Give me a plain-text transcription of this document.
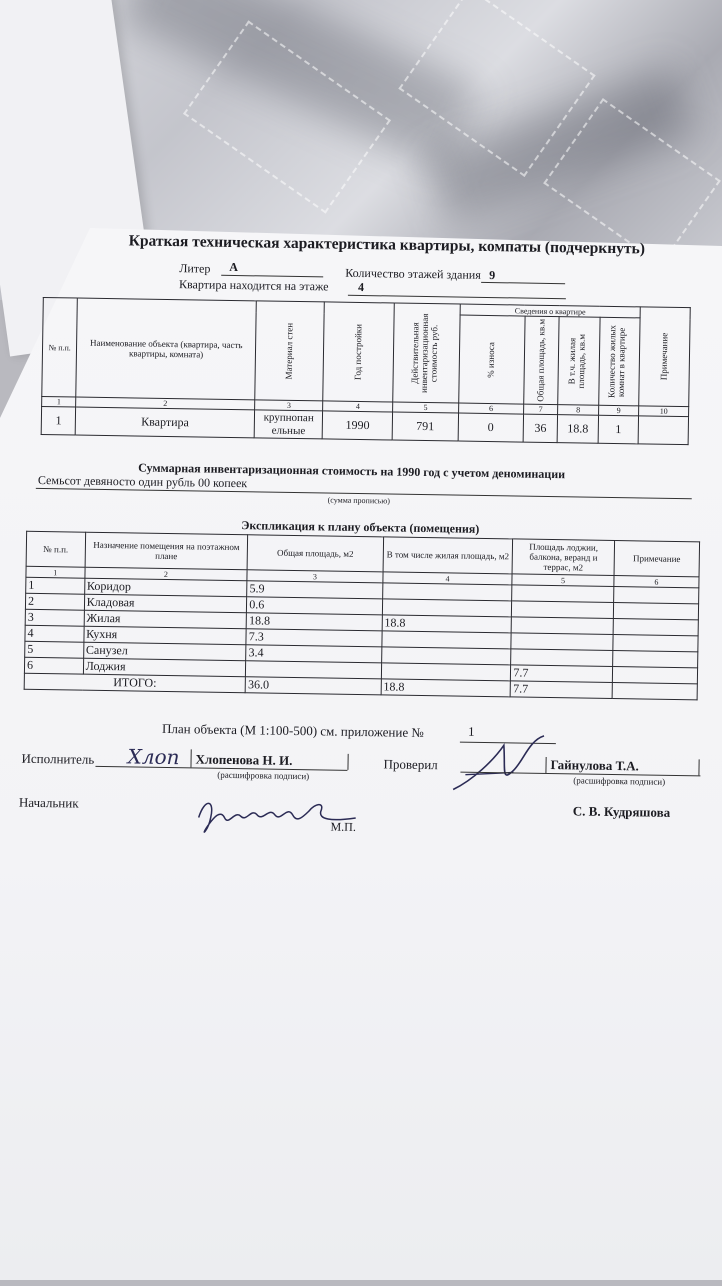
Краткая техническая характеристика квартиры, компаты (подчеркнуть)
Литер А	Количество этажей здания 9
Квартира находится на этаже 4
№ п.п.	Наименование объекта (квартира, часть квартиры, комната)	Материал стен	Год постройки	Действительная инвентаризационная стоимость руб.	Сведения о квартире				Примечание

					% износа	Общая площадь, кв.м	В т.ч. жилая площадь, кв.м	Количество жилых комнат в квартире	

1	2	3	4	5	6	7	8	9	10
1	Квартира	крупнопан ельные	1990	791	0	36	18.8	1	
Суммарная инвентаризационная стоимость на 1990 год с учетом деноминации
Семьсот девяносто один рубль 00 копеек
(сумма прописью)
Экспликация к плану объекта (помещения)
№ п.п.	Назначение помещения на поэтажном плане	Общая площадь, м2	В том числе жилая площадь, м2	Площадь лоджии, балкона, веранд и террас, м2	Примечание
1	2	3	4	5	6
1	Коридор	5.9			
2	Кладовая	0.6			
3	Жилая	18.8	18.8		
4	Кухня	7.3			
5	Санузел	3.4			
6	Лоджия			7.7	
ИТОГО:		36.0	18.8	7.7	
План объекта (М 1:100-500) см. приложение №	1
Исполнитель Хлоп Хлопенова Н. И.
(расшифровка подписи)
Проверил	Гайнулова Т.А.
(расшифровка подписи)
Начальник
М.П.
С. В. Кудряшова
